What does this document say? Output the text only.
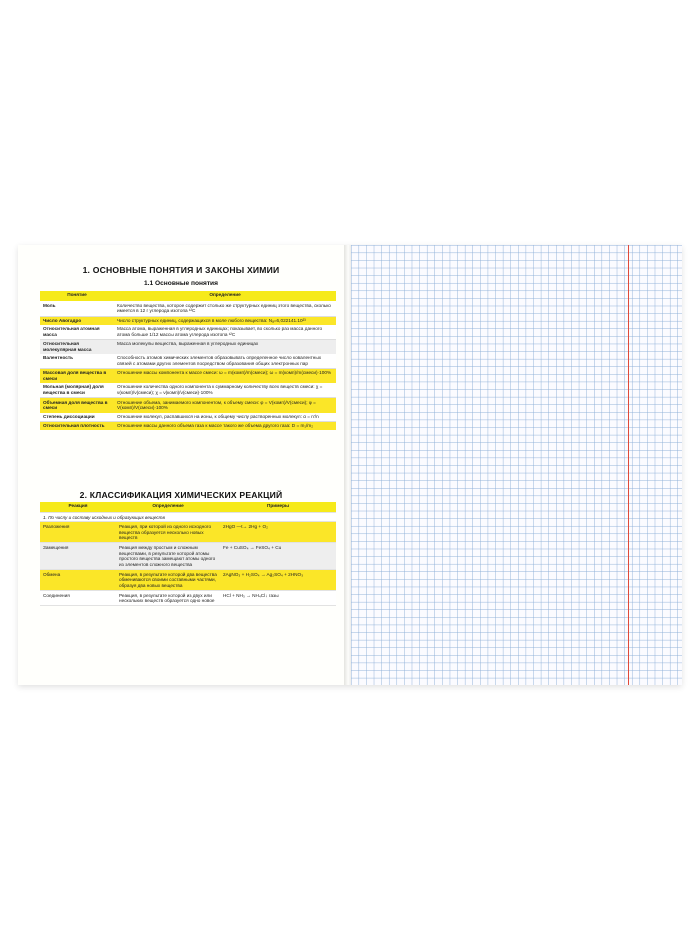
1. ОСНОВНЫЕ ПОНЯТИЯ И ЗАКОНЫ ХИМИИ
1.1 Основные понятия
Понятие	Определение
Моль	Количество вещества, которое содержит столько же структурных единиц этого вещества, сколько имеется в 12 г углерода изотопа ¹²C
Число Авогадро	Число структурных единиц, содержащихся в моле любого вещества: Nₐ=6,022141.10²³
Относительная атомная масса	Масса атома, выраженная в углеродных единицах; показывает, во сколько раз масса данного атома больше 1/12 массы атома углерода изотопа ¹²C
Относительная молекулярная масса	Масса молекулы вещества, выраженная в углеродных единицах
Валентность	Способность атомов химических элементов образовывать определенное число ковалентных связей с атомами других элементов посредством образования общих электронных пар
Массовая доля вещества в смеси	Отношение массы компонента к массе смеси: ω = m(комп)/m(смеси); ω = m(комп)/m(смеси)·100%
Мольная (молярная) доля вещества в смеси	Отношение количества одного компонента к суммарному количеству всех веществ смеси: χ = ν(комп)/ν(смеси); χ = ν(комп)/ν(смеси)·100%
Объемная доля вещества в смеси	Отношение объема, занимаемого компонентом, к объему смеси: φ = V(комп)/V(смеси); φ = V(комп)/V(смеси)·100%
Степень диссоциации	Отношение молекул, распавшихся на ионы, к общему числу растворенных молекул: α = n′/n
Относительная плотность	Отношение массы данного объема газа к массе такого же объема другого газа: D = m₁/m₂
2. КЛАССИФИКАЦИЯ ХИМИЧЕСКИХ РЕАКЦИЙ
Реакция	Определение	Примеры
1. По числу и составу исходных и образующих веществ		
Разложения	Реакция, при которой из одного исходного вещества образуется несколько новых веществ	2HgO —t→ 2Hg + O₂
Замещения	Реакция между простым и сложным веществами, в результате которой атомы простого вещества замещают атомы одного из элементов сложного вещества	Fe + CuSO₄ → FeSO₄ + Cu
Обмена	Реакция, в результате которой два вещества обмениваются своими составными частями, образуя два новых вещества	2AgNO₃ + H₂SO₄ → Ag₂SO₄ + 2HNO₃
Соединения	Реакция, в результате которой из двух или нескольких веществ образуется одно новое	HCl + NH₃ → NH₄Cl↓ газы
